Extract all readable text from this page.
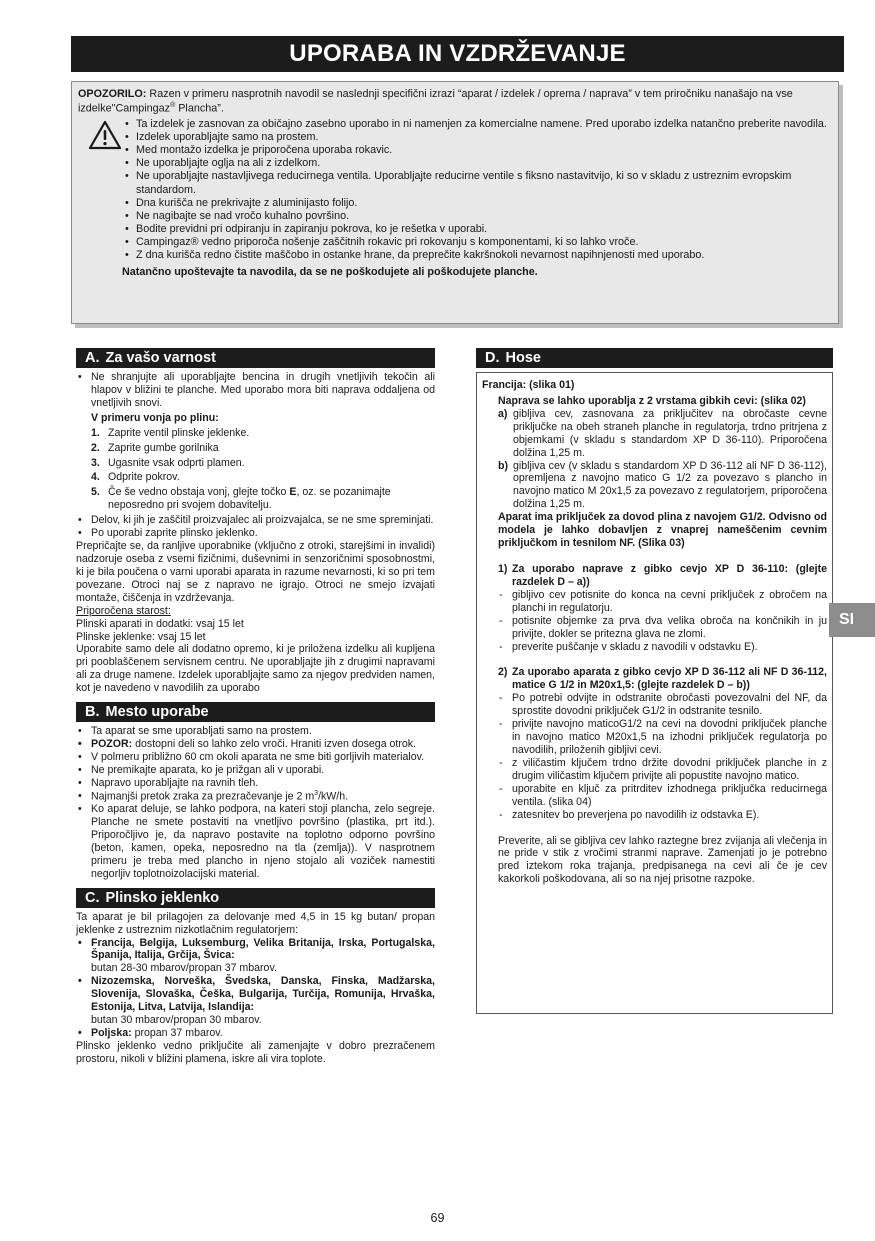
UPORABA IN VZDRŽEVANJE
OPOZORILO: Razen v primeru nasprotnih navodil se naslednji specifični izrazi “aparat / izdelek / oprema / naprava” v tem priročniku nanašajo na vse izdelke"Campingaz® Plancha”.
• Ta izdelek je zasnovan za običajno zasebno uporabo in ni namenjen za komercialne namene. Pred uporabo izdelka natančno preberite navodila.
• Izdelek uporabljajte samo na prostem.
• Med montažo izdelka je priporočena uporaba rokavic.
• Ne uporabljajte oglja na ali z izdelkom.
• Ne uporabljajte nastavljivega reducirnega ventila. Uporabljajte reducirne ventile s fiksno nastavitvijo, ki so v skladu z ustreznim evropskim standardom.
• Dna kurišča ne prekrivajte z aluminijasto folijo.
• Ne nagibajte se nad vročo kuhalno površino.
• Bodite previdni pri odpiranju in zapiranju pokrova, ko je rešetka v uporabi.
• Campingaz® vedno priporoča nošenje zaščitnih rokavic pri rokovanju s komponentami, ki so lahko vroče.
• Z dna kurišča redno čistite maščobo in ostanke hrane, da preprečite kakršnokoli nevarnost napihnjenosti med uporabo.
Natančno upoštevajte ta navodila, da se ne poškodujete ali poškodujete planche.
A. Za vašo varnost
• Ne shranjujte ali uporabljajte bencina in drugih vnetljivih tekočin ali hlapov v bližini te planche. Med uporabo mora biti naprava oddaljena od vnetljivih snovi.
V primeru vonja po plinu:
1. Zaprite ventil plinske jeklenke.
2. Zaprite gumbe gorilnika
3. Ugasnite vsak odprti plamen.
4. Odprite pokrov.
5. Če še vedno obstaja vonj, glejte točko E, oz. se pozanimajte neposredno pri svojem dobavitelju.
• Delov, ki jih je zaščitil proizvajalec ali proizvajalca, se ne sme spreminjati.
• Po uporabi zaprite plinsko jeklenko.
Prepričajte se, da ranljive uporabnike (vključno z otroki, starejšimi in invalidi) nadzoruje oseba z vsemi fizičnimi, duševnimi in senzoričnimi sposobnostmi, ki je bila poučena o varni uporabi aparata in razume nevarnosti, ki so pri tem povezane. Otroci naj se z napravo ne igrajo. Otroci ne smejo izvajati montaže, čiščenja in vzdrževanja.
Priporočena starost:
Plinski aparati in dodatki: vsaj 15 let
Plinske jeklenke: vsaj 15 let
Uporabite samo dele ali dodatno opremo, ki je priložena izdelku ali kupljena pri pooblaščenem servisnem centru. Ne uporabljajte jih z drugimi napravami ali za druge namene. Izdelek uporabljajte samo za njegov predviden namen, kot je navedeno v navodilih za uporabo
B. Mesto uporabe
• Ta aparat se sme uporabljati samo na prostem.
• POZOR: dostopni deli so lahko zelo vroči. Hraniti izven dosega otrok.
• V polmeru približno 60 cm okoli aparata ne sme biti gorljivih materialov.
• Ne premikajte aparata, ko je prižgan ali v uporabi.
• Napravo uporabljajte na ravnih tleh.
• Najmanjši pretok zraka za prezračevanje je 2 $m^3/kW/h$.
• Ko aparat deluje, se lahko podpora, na kateri stoji plancha, zelo segreje. Planche ne smete postaviti na vnetljivo površino (plastika, prt itd.). Priporočljivo je, da napravo postavite na toplotno odporno površino (beton, kamen, opeka, neposredno na tla (zemlja)). V nasprotnem primeru je treba med plancho in njeno stojalo ali voziček namestiti negorljiv toplotnoizolacijski material.
C. Plinsko jeklenko
Ta aparat je bil prilagojen za delovanje med 4,5 in 15 kg butan/ propan jeklenke z ustreznim nizkotlačnim regulatorjem:
• Francija, Belgija, Luksemburg, Velika Britanija, Irska, Portugalska, Španija, Italija, Grčija, Švica:
butan 28-30 mbarov/propan 37 mbarov.
• Nizozemska, Norveška, Švedska, Danska, Finska, Madžarska, Slovenija, Slovaška, Češka, Bulgarija, Turčija, Romunija, Hrvaška, Estonija, Litva, Latvija, Islandija:
butan 30 mbarov/propan 30 mbarov.
• Poljska: propan 37 mbarov.
Plinsko jeklenko vedno priključite ali zamenjajte v dobro prezračenem prostoru, nikoli v bližini plamena, iskre ali vira toplote.
D. Hose
Francija: (slika 01)
Naprava se lahko uporablja z 2 vrstama gibkih cevi: (slika 02)
a) gibljiva cev, zasnovana za priključitev na obročaste cevne priključke na obeh straneh planche in regulatorja, trdno pritrjena z objemkami (v skladu s standardom XP D 36-110). Priporočena dolžina 1,25 m.
b) gibljiva cev (v skladu s standardom XP D 36-112 ali NF D 36-112), opremljena z navojno matico G 1/2 za povezavo s plancho in navojno matico M 20x1,5 za povezavo z regulatorjem, priporočena dolžina 1,25 m.
Aparat ima priključek za dovod plina z navojem G1/2. Odvisno od modela je lahko dobavljen z vnaprej nameščenim cevnim priključkom in tesnilom NF. (Slika 03)
1) Za uporabo naprave z gibko cevjo XP D 36-110: (glejte razdelek D – a))
- gibljivo cev potisnite do konca na cevni priključek z obročem na planchi in regulatorju.
- potisnite objemke za prva dva velika obroča na končnikih in ju privijte, dokler se pritezna glava ne zlomi.
- preverite puščanje v skladu z navodili v odstavku E).
2) Za uporabo aparata z gibko cevjo XP D 36-112 ali NF D 36-112, matice G 1/2 in M20x1,5: (glejte razdelek D – b))
- Po potrebi odvijte in odstranite obročasti povezovalni del NF, da sprostite dovodni priključek G1/2 in odstranite tesnilo.
- privijte navojno maticoG1/2 na cevi na dovodni priključek planche in navojno matico M20x1,5 na izhodni priključek regulatorja po navodilih, priloženih gibljivi cevi.
- z viličastim ključem trdno držite dovodni priključek planche in z drugim viličastim ključem privijte ali popustite navojno matico.
- uporabite en ključ za pritrditev izhodnega priključka reducirnega ventila. (slika 04)
- zatesnitev bo preverjena po navodilih iz odstavka E).
Preverite, ali se gibljiva cev lahko raztegne brez zvijanja ali vlečenja in ne pride v stik z vročimi stranmi naprave. Zamenjati jo je potrebno pred iztekom roka trajanja, predpisanega na cevi ali če je cev kakorkoli poškodovana, ali so na njej prisotne razpoke.
SI
69
